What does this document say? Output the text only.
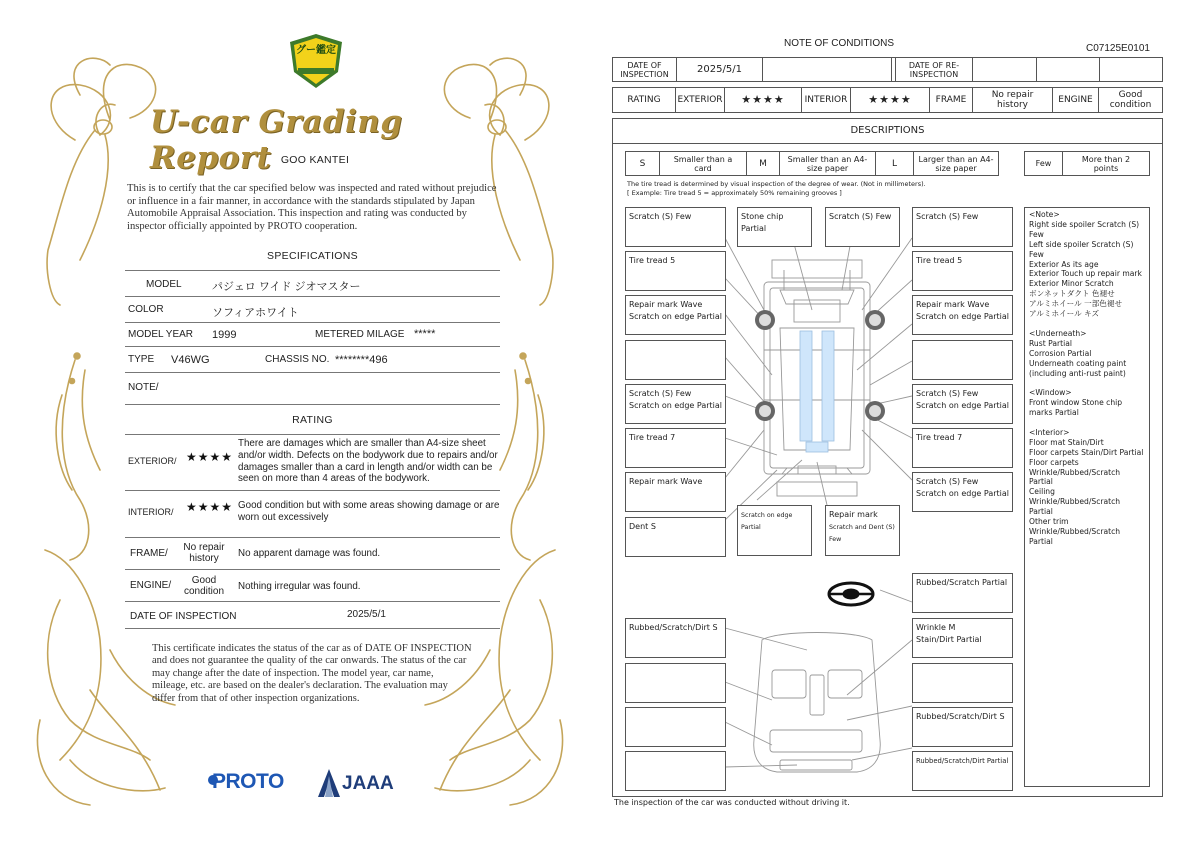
グー鑑定
U-car Grading Report GOO KANTEI
This is to certify that the car specified below was inspected and rated without prejudice or influence in a fair manner, in accordance with the standards stipulated by Japan Automobile Appraisal Association. This inspection and rating was conducted by inspector officially appointed by PROTO cooperation.
SPECIFICATIONS
MODEL	パジェロ ワイド ジオマスター
COLOR	ソフィアホワイト
MODEL YEAR 1999	METERED MILAGE *****
TYPE V46WG	CHASSIS NO. ********496
NOTE/
RATING
EXTERIOR/ ★★★★
There are damages which are smaller than A4-size sheet and/or width. Defects on the bodywork due to repairs and/or damages smaller than a card in length and/or width can be seen on more than 4 areas of the bodywork.
INTERIOR/ ★★★★ Good condition but with some areas showing damage or are worn out excessively
FRAME/
No repair history	No apparent damage was found.
ENGINE/	Good condition	Nothing irregular was found.
DATE OF INSPECTION	2025/5/1
This certificate indicates the status of the car as of DATE OF INSPECTION and does not guarantee the quality of the car onwards. The status of the car may change after the date of inspection. The model year, car name, mileage, etc. are based on the dealer's declaration. The evaluation may differ from that of other inspection organizations.
PROTO	JAAA
NOTE OF CONDITIONS	C07125E0101
DATE OF INSPECTION	2025/5/1	DATE OF RE-INSPECTION
RATING	EXTERIOR	★★★★	INTERIOR	★★★★	FRAME	No repair history	ENGINE	Good condition
DESCRIPTIONS
S	Smaller than a card	M	Smaller than an A4-size paper	L	Larger than an A4-size paper	Few	More than 2 points
The tire tread is determined by visual inspection of the degree of wear. (Not in millimeters).
[ Example: Tire tread 5 = approximately 50% remaining grooves ]
Scratch (S) Few
Tire tread 5
Repair mark Wave
Scratch on edge Partial
Scratch (S) Few
Scratch on edge Partial
Tire tread 7
Repair mark Wave
Dent S
Rubbed/Scratch/Dirt S
Stone chip Partial
Scratch (S) Few
Scratch on edge Partial
Repair mark
Scratch and Dent (S) Few
Scratch (S) Few
Tire tread 5
Repair mark Wave
Scratch on edge Partial
Scratch (S) Few
Scratch on edge Partial
Tire tread 7
Scratch (S) Few
Scratch on edge Partial
Rubbed/Scratch Partial
Wrinkle M
Stain/Dirt Partial
Rubbed/Scratch/Dirt S
Rubbed/Scratch/Dirt Partial
<Note>
Right side spoiler Scratch (S) Few
Left side spoiler Scratch (S) Few
Exterior As its age
Exterior Touch up repair mark
Exterior Minor Scratch
ボンネットダクト 色褪せ
アルミホイール 一部色褪せ
アルミホイール キズ

<Underneath>
Rust Partial
Corrosion Partial
Underneath coating paint (including anti-rust paint)

<Window>
Front window Stone chip marks Partial

<Interior>
Floor mat Stain/Dirt
Floor carpets Stain/Dirt Partial
Floor carpets
Wrinkle/Rubbed/Scratch Partial
Ceiling
Wrinkle/Rubbed/Scratch Partial
Other trim
Wrinkle/Rubbed/Scratch Partial
The inspection of the car was conducted without driving it.
